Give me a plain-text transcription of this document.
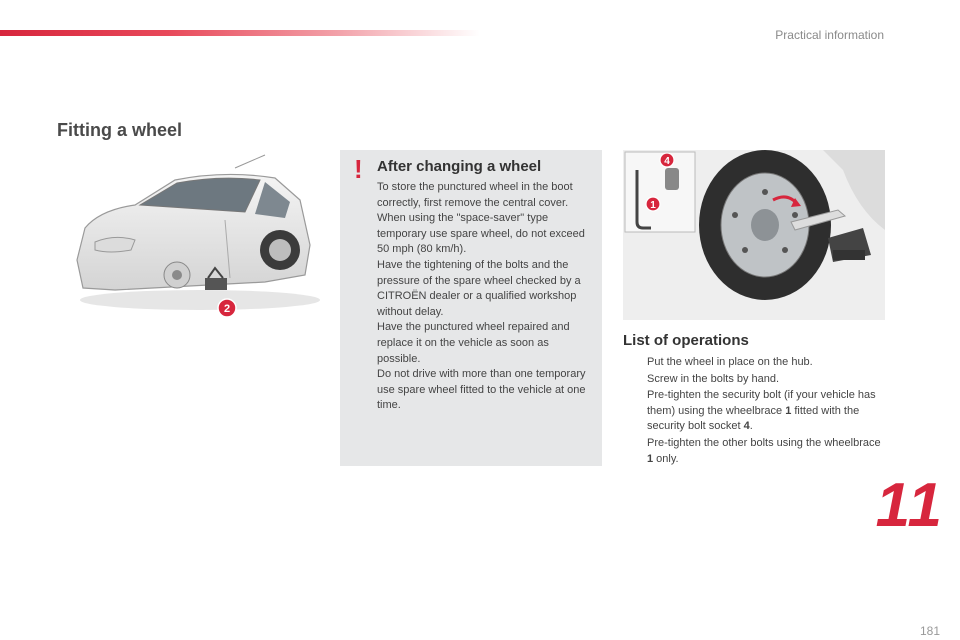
Practical information
Fitting a wheel
2
! After changing a wheel

To store the punctured wheel in the boot correctly, first remove the central cover.

When using the "space-saver" type temporary use spare wheel, do not exceed 50 mph (80 km/h).

Have the tightening of the bolts and the pressure of the spare wheel checked by a CITROËN dealer or a qualified workshop without delay.

Have the punctured wheel repaired and replace it on the vehicle as soon as possible.

Do not drive with more than one temporary use spare wheel fitted to the vehicle at one time.

4
1
List of operations
Put the wheel in place on the hub.
Screw in the bolts by hand.
Pre-tighten the security bolt (if your vehicle has them) using the wheelbrace 1 fitted with the security bolt socket 4.
Pre-tighten the other bolts using the wheelbrace 1 only.
11
181
